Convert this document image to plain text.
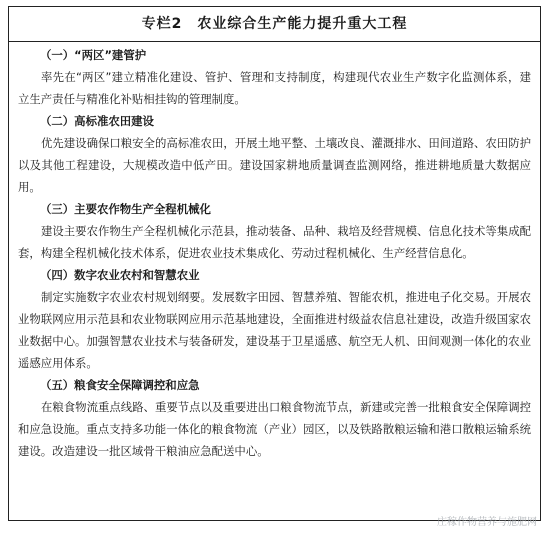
专栏2　农业综合生产能力提升重大工程
（一）“两区”建管护

率先在“两区”建立精准化建设、管护、管理和支持制度，构建现代农业生产数字化监测体系，建立生产责任与精准化补贴相挂钩的管理制度。

（二）高标准农田建设

优先建设确保口粮安全的高标准农田，开展土地平整、土壤改良、灌溉排水、田间道路、农田防护以及其他工程建设，大规模改造中低产田。建设国家耕地质量调查监测网络，推进耕地质量大数据应用。

（三）主要农作物生产全程机械化

建设主要农作物生产全程机械化示范县，推动装备、品种、栽培及经营规模、信息化技术等集成配套，构建全程机械化技术体系，促进农业技术集成化、劳动过程机械化、生产经营信息化。

（四）数字农业农村和智慧农业

制定实施数字农业农村规划纲要。发展数字田园、智慧养殖、智能农机，推进电子化交易。开展农业物联网应用示范县和农业物联网应用示范基地建设，全面推进村级益农信息社建设，改造升级国家农业数据中心。加强智慧农业技术与装备研发，建设基于卫星遥感、航空无人机、田间观测一体化的农业遥感应用体系。

（五）粮食安全保障调控和应急

在粮食物流重点线路、重要节点以及重要进出口粮食物流节点，新建或完善一批粮食安全保障调控和应急设施。重点支持多功能一体化的粮食物流（产业）园区，以及铁路散粮运输和港口散粮运输系统建设。改造建设一批区域骨干粮油应急配送中心。

庄稼作物营养与施肥网
